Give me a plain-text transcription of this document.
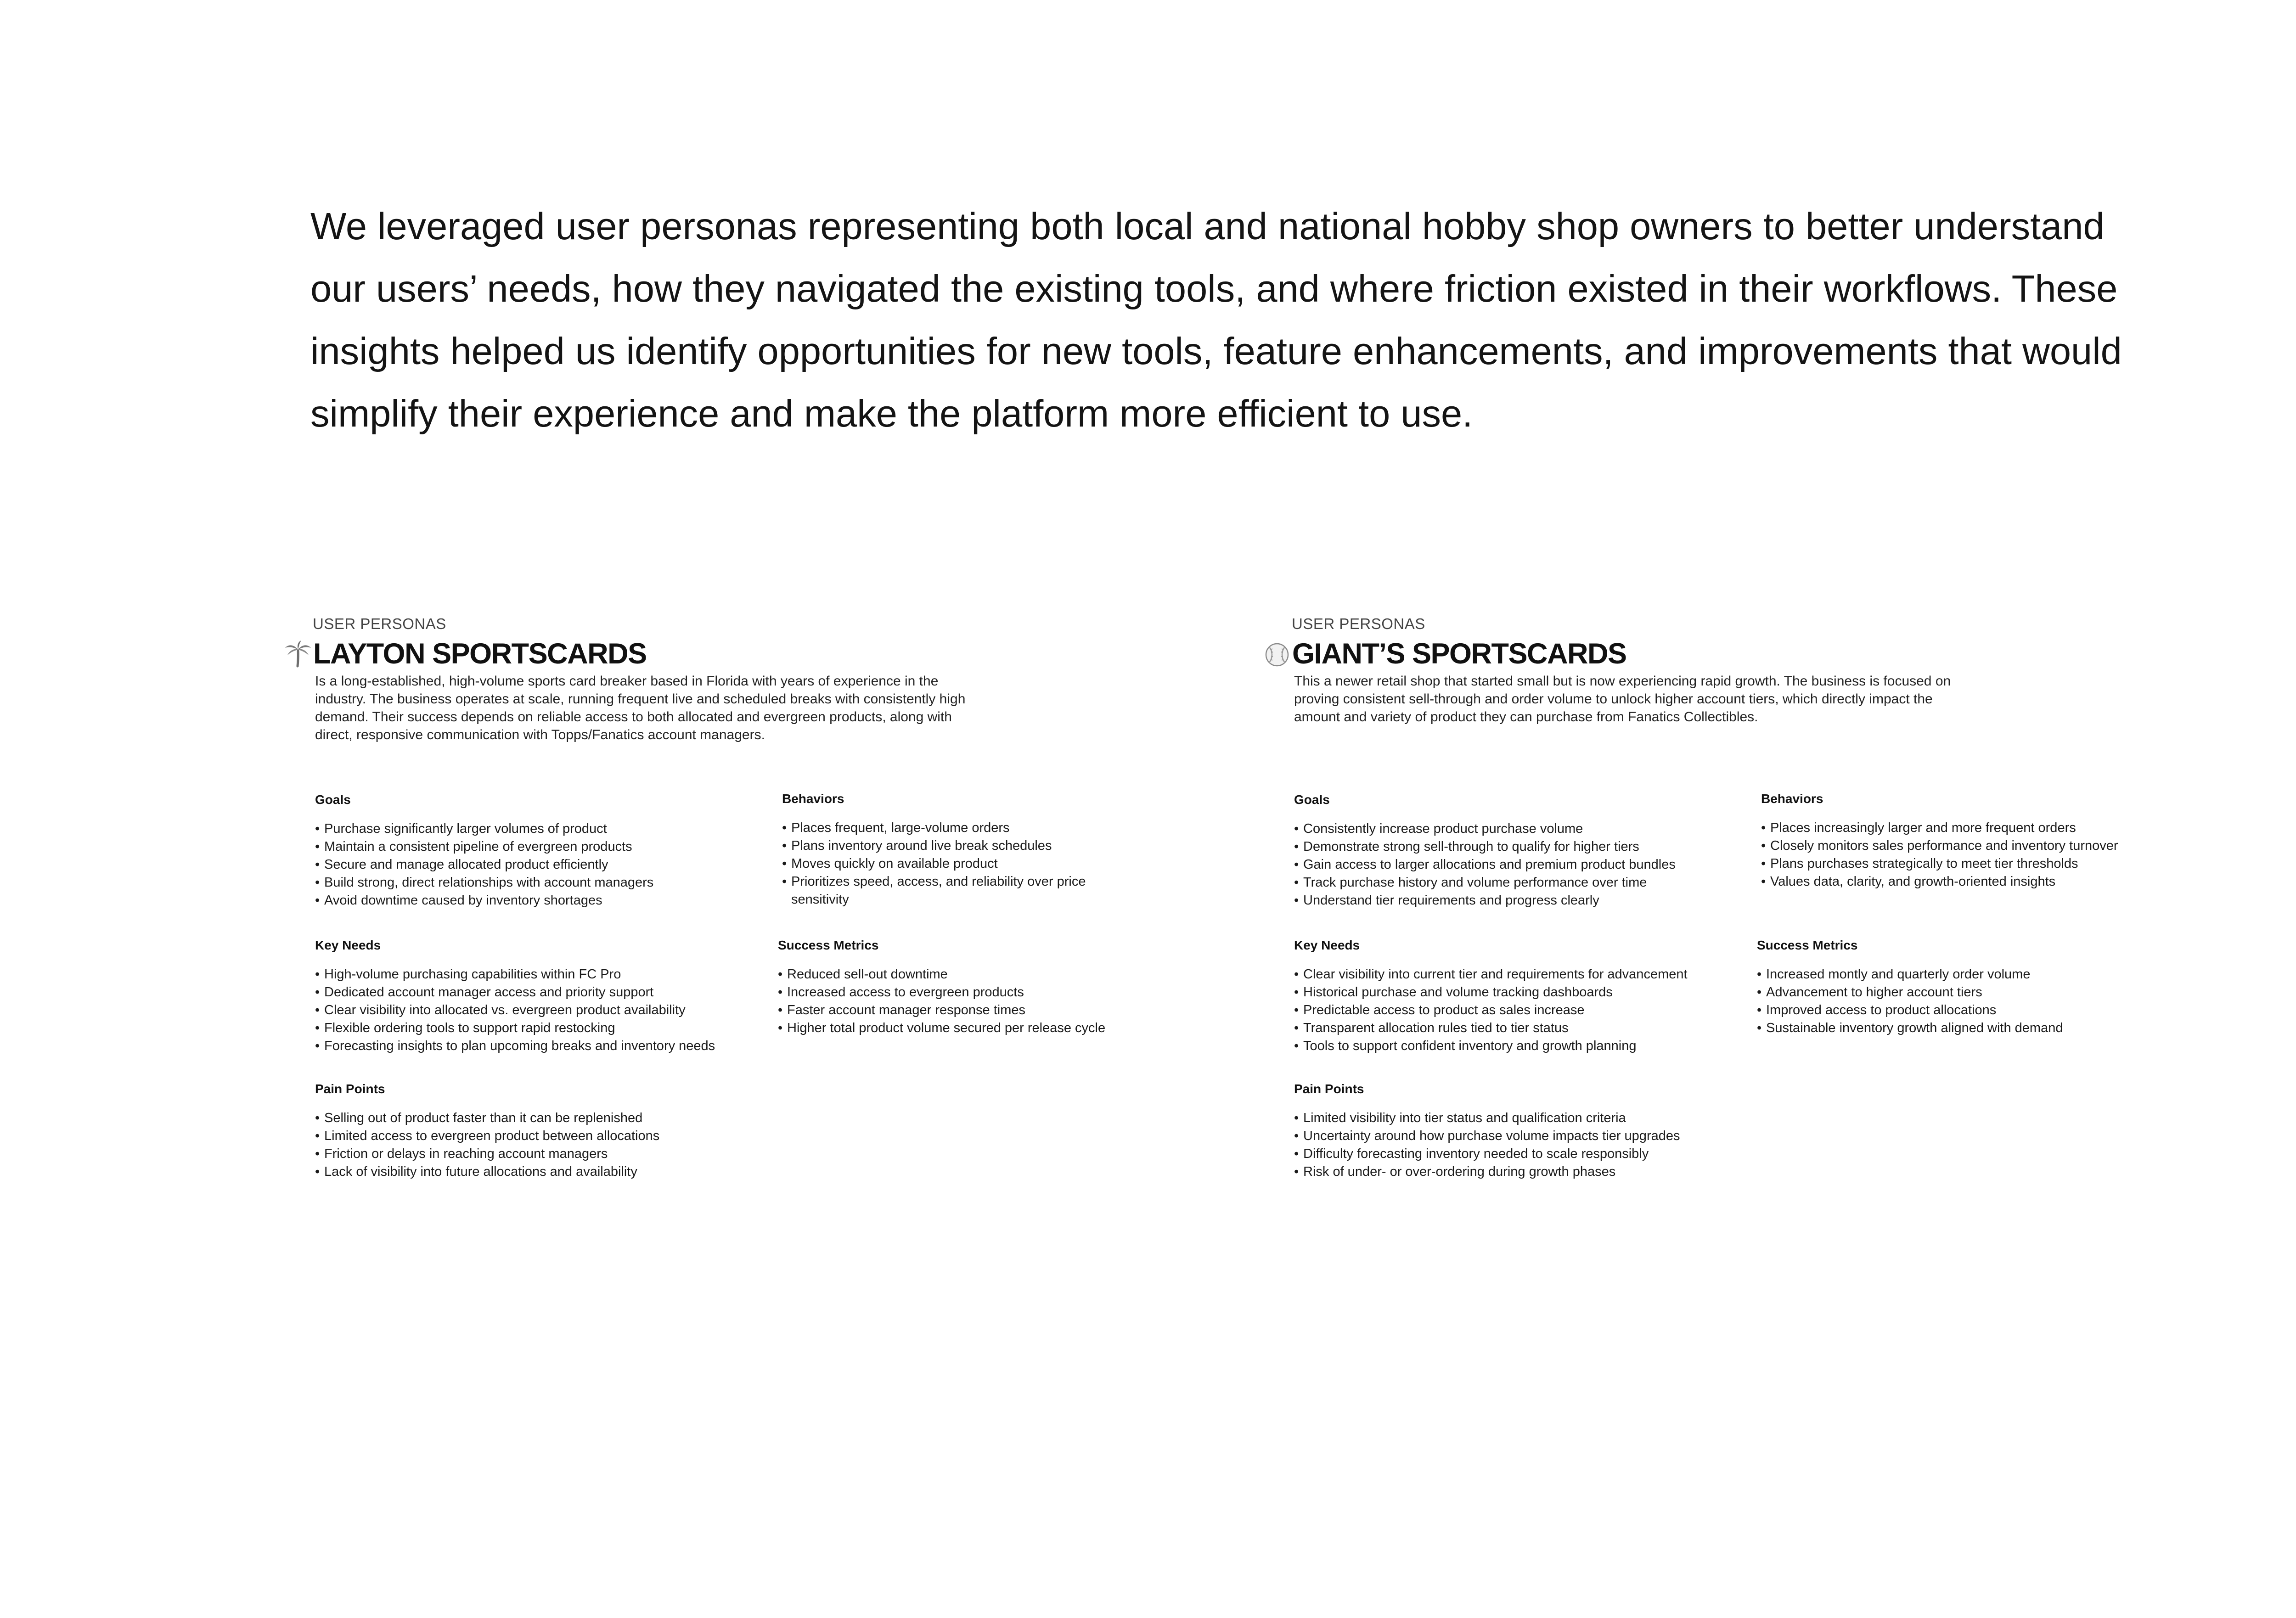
We leveraged user personas representing both local and national hobby shop owners to better understand our users’ needs, how they navigated the existing tools, and where friction existed in their workflows. These insights helped us identify opportunities for new tools, feature enhancements, and improvements that would simplify their experience and make the platform more efficient to use.

USER PERSONAS
LAYTON SPORTSCARDS

Is a long-established, high-volume sports card breaker based in Florida with years of experience in the industry. The business operates at scale, running frequent live and scheduled breaks with consistently high demand. Their success depends on reliable access to both allocated and evergreen products, along with direct, responsive communication with Topps/Fanatics account managers.

Goals
• Purchase significantly larger volumes of product
• Maintain a consistent pipeline of evergreen products
• Secure and manage allocated product efficiently
• Build strong, direct relationships with account managers
• Avoid downtime caused by inventory shortages
Behaviors
• Places frequent, large-volume orders
• Plans inventory around live break schedules
• Moves quickly on available product
• Prioritizes speed, access, and reliability over price sensitivity
Key Needs
• High-volume purchasing capabilities within FC Pro
• Dedicated account manager access and priority support
• Clear visibility into allocated vs. evergreen product availability
• Flexible ordering tools to support rapid restocking
• Forecasting insights to plan upcoming breaks and inventory needs
Success Metrics
• Reduced sell-out downtime
• Increased access to evergreen products
• Faster account manager response times
• Higher total product volume secured per release cycle
Pain Points
• Selling out of product faster than it can be replenished
• Limited access to evergreen product between allocations
• Friction or delays in reaching account managers
• Lack of visibility into future allocations and availability
USER PERSONAS
GIANT’S SPORTSCARDS

This a newer retail shop that started small but is now experiencing rapid growth. The business is focused on proving consistent sell-through and order volume to unlock higher account tiers, which directly impact the amount and variety of product they can purchase from Fanatics Collectibles.

Goals
• Consistently increase product purchase volume
• Demonstrate strong sell-through to qualify for higher tiers
• Gain access to larger allocations and premium product bundles
• Track purchase history and volume performance over time
• Understand tier requirements and progress clearly
Behaviors
• Places increasingly larger and more frequent orders
• Closely monitors sales performance and inventory turnover
• Plans purchases strategically to meet tier thresholds
• Values data, clarity, and growth-oriented insights
Key Needs
• Clear visibility into current tier and requirements for advancement
• Historical purchase and volume tracking dashboards
• Predictable access to product as sales increase
• Transparent allocation rules tied to tier status
• Tools to support confident inventory and growth planning
Success Metrics
• Increased montly and quarterly order volume
• Advancement to higher account tiers
• Improved access to product allocations
• Sustainable inventory growth aligned with demand
Pain Points
• Limited visibility into tier status and qualification criteria
• Uncertainty around how purchase volume impacts tier upgrades
• Difficulty forecasting inventory needed to scale responsibly
• Risk of under- or over-ordering during growth phases
